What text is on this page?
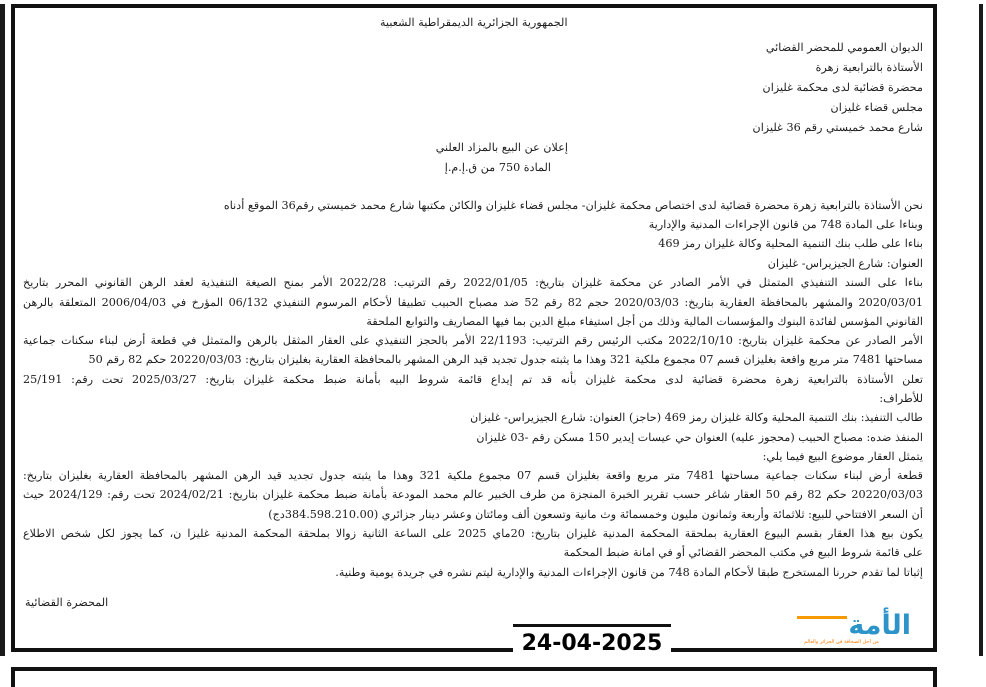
الجمهورية الجزائرية الديمقراطية الشعبية
الديوان العمومي للمحضر القضائي
الأستاذة بالترابعية زهرة
محضرة قضائية لدى محكمة غليزان
مجلس قضاء غليزان
شارع محمد خميستي رقم 36 غليزان
إعلان عن البيع بالمزاد العلني
المادة 750 من ق.إ.م.إ
نحن الأستاذة بالترابعية زهرة محضرة قضائية لدى اختصاص محكمة غليزان- مجلس قضاء غليزان والكائن مكتبها شارع محمد خميستي رقم36 الموقع أدناه
وبناءا على المادة 748 من قانون الإجراءات المدنية والإدارية
بناءا على طلب بنك التنمية المحلية وكالة غليزان رمز 469
العنوان: شارع الجيزيراس- غليزان
بناءا على السند التنفيذي المتمثل في الأمر الصادر عن محكمة غليزان بتاريخ: 2022/01/05 رقم الترتيب: 2022/28 الأمر بمنح الصيغة التنفيذية لعقد الرهن القانوني المحرر بتاريخ
2020/03/01 والمشهر بالمحافظة العقارية بتاريخ: 2020/03/03 حجم 82 رقم 52 ضد مصباح الحبيب تطبيقا لأحكام المرسوم التنفيذي 06/132 المؤرخ في 2006/04/03 المتعلقة بالرهن
القانوني المؤسس لفائدة البنوك والمؤسسات المالية وذلك من أجل استيفاء مبلغ الدين بما فيها المصاريف والتوابع الملحقة
الأمر الصادر عن محكمة غليزان بتاريخ: 2022/10/10 مكتب الرئيس رقم الترتيب: 22/1193 الأمر بالحجز التنفيذي على العقار المثقل بالرهن والمتمثل في قطعة أرض لبناء سكنات جماعية
مساحتها 7481 متر مربع واقعة بغليزان قسم 07 مجموع ملكية 321 وهذا ما يثبته جدول تجديد قيد الرهن المشهر بالمحافظة العقارية بغليزان بتاريخ: 20220/03/03 حكم 82 رقم 50
تعلن الأستاذة بالترابعية زهرة محضرة قضائية لدى محكمة غليزان بأنه قد تم إيداع قائمة شروط البيه بأمانة ضبط محكمة غليزان بتاريخ: 2025/03/27 تحت رقم: 25/191
للأطراف:
طالب التنفيذ: بنك التنمية المحلية وكالة غليزان رمز 469 (حاجز) العنوان: شارع الجيزيراس- غليزان
المنفذ ضده: مصباح الحبيب (محجوز عليه) العنوان حي عيسات إيدير 150 مسكن رقم -03 غليزان
يتمثل العقار موضوع البيع فيما يلي:
قطعة أرض لبناء سكنات جماعية مساحتها 7481 متر مربع واقعة بغليزان قسم 07 مجموع ملكية 321 وهذا ما يثبته جدول تجديد قيد الرهن المشهر بالمحافظة العقارية بغليزان بتاريخ:
20220/03/03 حكم 82 رقم 50 العقار شاغر حسب تقرير الخبرة المنجزة من طرف الخبير عالم محمد المودعة بأمانة ضبط محكمة غليزان بتاريخ: 2024/02/21 تحت رقم: 2024/129 حيث
أن السعر الافتتاحي للبيع: ثلاثمائة وأربعة وثمانون مليون وخمسمائة وث مانية وتسعون ألف ومائتان وعشر دينار جزائري (384.598.210.00دج)
يكون بيع هذا العقار بقسم البيوع العقارية بملحقة المحكمة المدنية غليزان بتاريخ: 20ماي 2025 على الساعة الثانية زوالا بملحقة المحكمة المدنية غليزا ن، كما يجوز لكل شخص الاطلاع
على قائمة شروط البيع في مكتب المحضر القضائي أو في امانة ضبط المحكمة
إثباتا لما تقدم حررنا المستخرج طبقا لأحكام المادة 748 من قانون الإجراءات المدنية والإدارية ليتم نشره في جريدة يومية وطنية.
المحضرة القضائية
الأمة
من أجل الصحافة في الجزائر والعالم
24-04-2025
